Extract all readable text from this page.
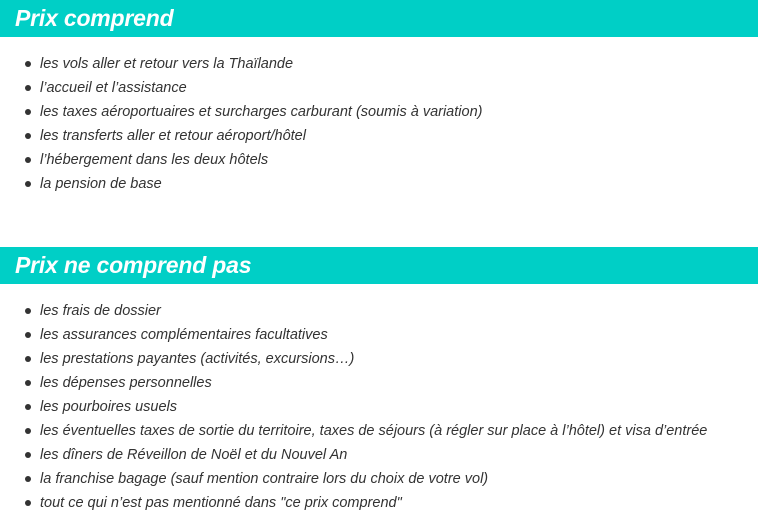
Prix comprend
les vols aller et retour vers la Thaïlande
l’accueil et l’assistance
les taxes aéroportuaires et surcharges carburant (soumis à variation)
les transferts aller et retour aéroport/hôtel
l’hébergement dans les deux hôtels
la pension de base
Prix ne comprend pas
les frais de dossier
les assurances complémentaires facultatives
les prestations payantes (activités, excursions…)
les dépenses personnelles
les pourboires usuels
les éventuelles taxes de sortie du territoire, taxes de séjours (à régler sur place à l’hôtel) et visa d’entrée
les dîners de Réveillon de Noël et du Nouvel An
la franchise bagage (sauf mention contraire lors du choix de votre vol)
tout ce qui n’est pas mentionné dans "ce prix comprend"
